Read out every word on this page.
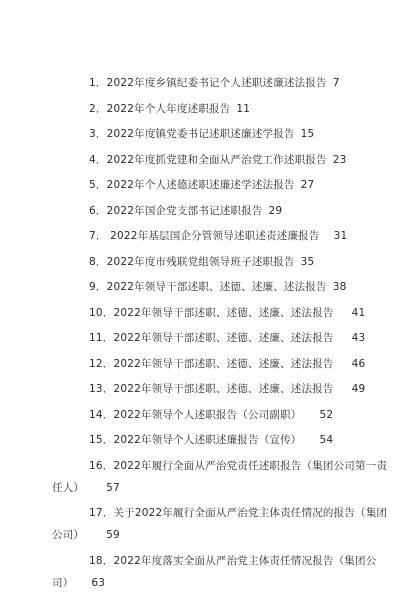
1．2022年度乡镇纪委书记个人述职述廉述法报告 7
2．2022年个人年度述职报告 11
3．2022年度镇党委书记述职述廉述学报告 15
4．2022年度抓党建和全面从严治党工作述职报告 23
5．2022年个人述德述职述廉述学述法报告 27
6．2022年国企党支部书记述职报告 29
7． 2022年基层国企分管领导述职述责述廉报告 31
8．2022年度市残联党组领导班子述职报告 35
9．2022年领导干部述职、述德、述廉、述法报告 38
10．2022年领导干部述职、述德、述廉、述法报告 41
11．2022年领导干部述职、述德、述廉、述法报告 43
12．2022年领导干部述职、述德、述廉、述法报告 46
13．2022年领导干部述职、述德、述廉、述法报告 49
14．2022年领导个人述职报告（公司副职） 52
15．2022年领导个人述职述廉报告（宣传） 54
16．2022年履行全面从严治党责任述职报告（集团公司第一责
任人） 57
17．关于2022年履行全面从严治党主体责任情况的报告（集团
公司） 59
18．2022年度落实全面从严治党主体责任情况报告（集团公
司） 63
